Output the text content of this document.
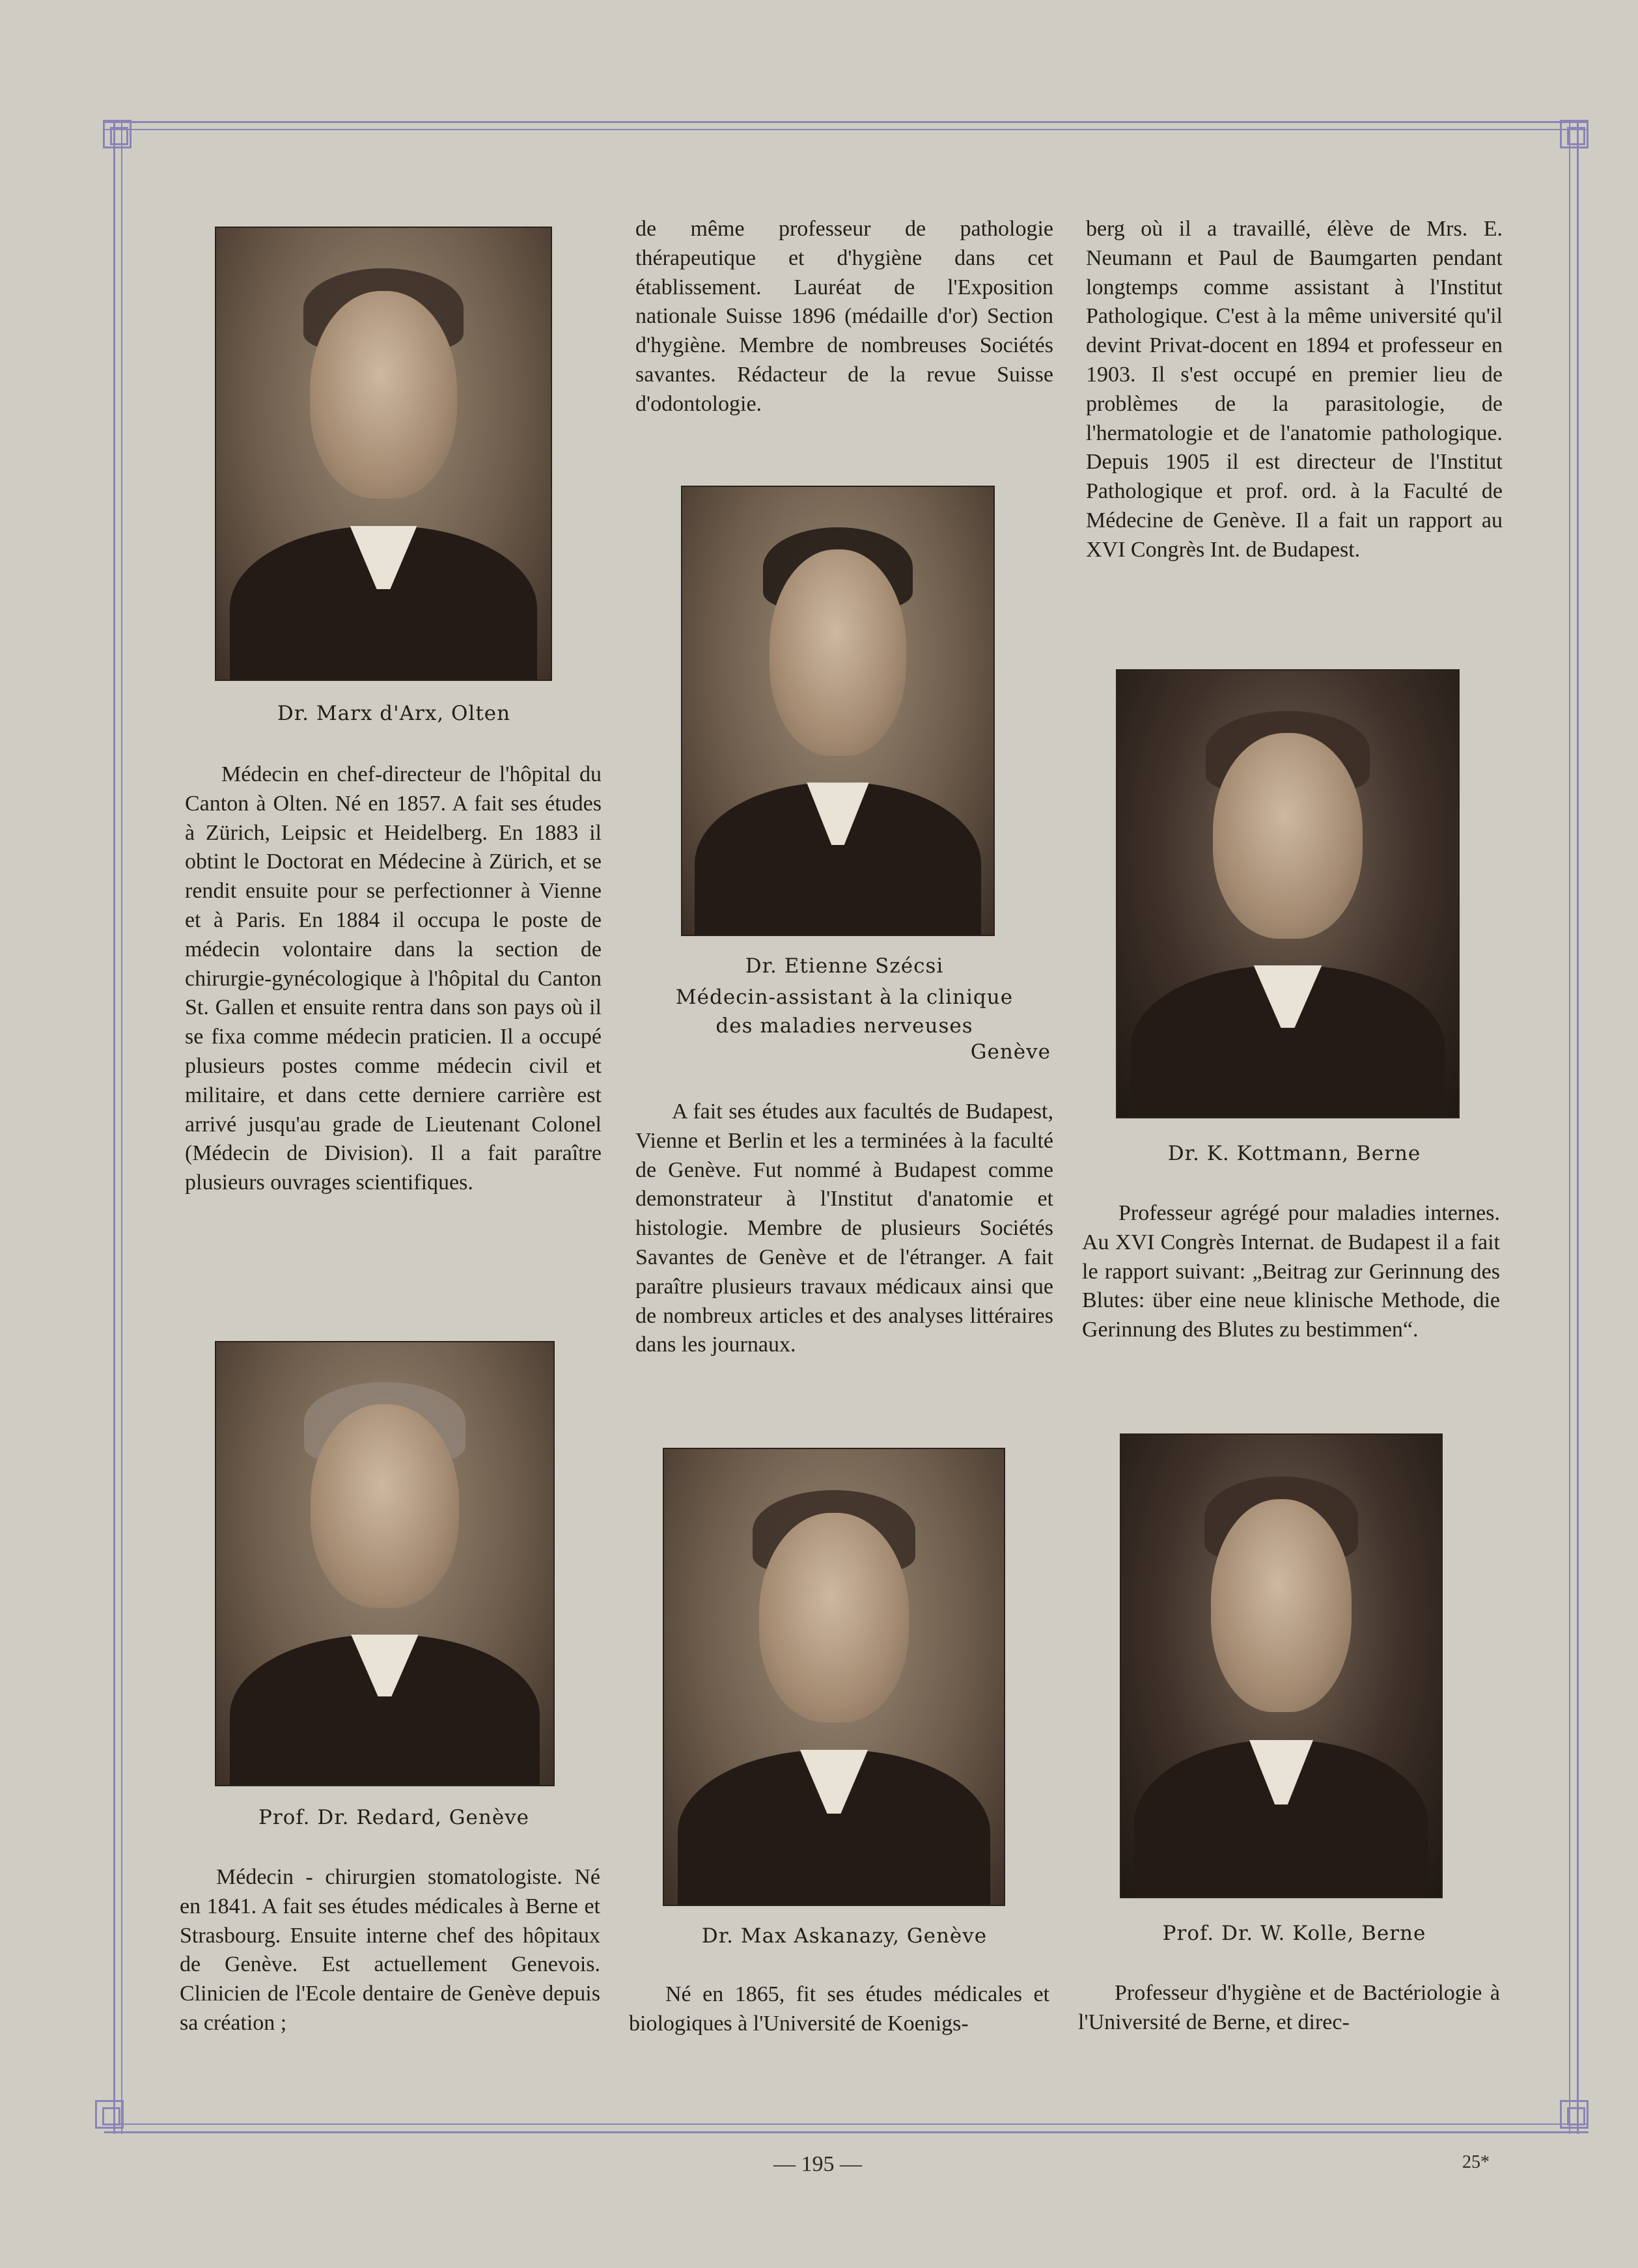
Dr. Marx d'Arx, Olten

Médecin en chef-directeur de l'hôpital du Canton à Olten. Né en 1857. A fait ses études à Zürich, Leipsic et Heidelberg. En 1883 il obtint le Doctorat en Médecine à Zürich, et se rendit ensuite pour se perfectionner à Vienne et à Paris. En 1884 il occupa le poste de médecin volontaire dans la section de chirurgie-gynécologique à l'hôpital du Canton St. Gallen et ensuite rentra dans son pays où il se fixa comme médecin praticien. Il a occupé plusieurs postes comme médecin civil et militaire, et dans cette derniere carrière est arrivé jusqu'au grade de Lieutenant Colonel (Médecin de Division). Il a fait paraître plusieurs ouvrages scientifiques.

Prof. Dr. Redard, Genève

Médecin - chirurgien stomatologiste. Né en 1841. A fait ses études médicales à Berne et Strasbourg. Ensuite interne chef des hôpitaux de Genève. Est actuellement Genevois. Clinicien de l'Ecole dentaire de Genève depuis sa création ;

de même professeur de pathologie thérapeutique et d'hygiène dans cet établissement. Lauréat de l'Exposition nationale Suisse 1896 (médaille d'or) Section d'hygiène. Membre de nombreuses Sociétés savantes. Rédacteur de la revue Suisse d'odontologie.

Dr. Etienne Szécsi
Médecin-assistant à la clinique des maladies nerveuses
Genève

A fait ses études aux facultés de Budapest, Vienne et Berlin et les a terminées à la faculté de Genève. Fut nommé à Budapest comme demonstrateur à l'Institut d'anatomie et histologie. Membre de plusieurs Sociétés Savantes de Genève et de l'étranger. A fait paraître plusieurs travaux médicaux ainsi que de nombreux articles et des analyses littéraires dans les journaux.

Dr. Max Askanazy, Genève

Né en 1865, fit ses études médicales et biologiques à l'Université de Koenigs-

berg où il a travaillé, élève de Mrs. E. Neumann et Paul de Baumgarten pendant longtemps comme assistant à l'Institut Pathologique. C'est à la même université qu'il devint Privat-docent en 1894 et professeur en 1903. Il s'est occupé en premier lieu de problèmes de la parasitologie, de l'hermatologie et de l'anatomie pathologique. Depuis 1905 il est directeur de l'Institut Pathologique et prof. ord. à la Faculté de Médecine de Genève. Il a fait un rapport au XVI Congrès Int. de Budapest.

Dr. K. Kottmann, Berne

Professeur agrégé pour maladies internes. Au XVI Congrès Internat. de Budapest il a fait le rapport suivant: „Beitrag zur Gerinnung des Blutes: über eine neue klinische Methode, die Gerinnung des Blutes zu bestimmen“.

Prof. Dr. W. Kolle, Berne

Professeur d'hygiène et de Bactériologie à l'Université de Berne, et direc-

— 195 —	25*
